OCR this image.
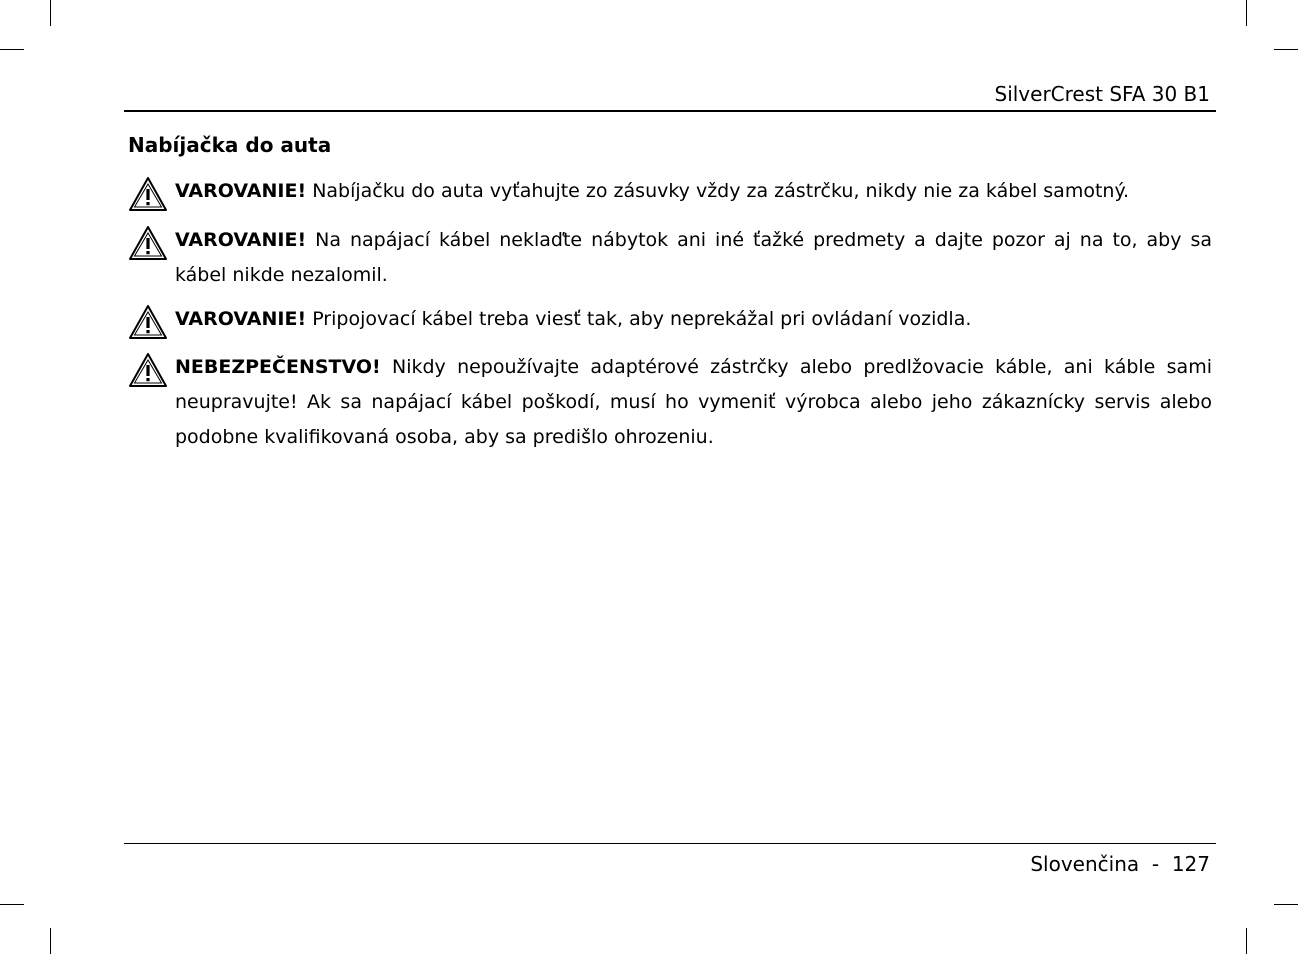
SilverCrest SFA 30 B1
Nabíjačka do auta
VAROVANIE! Nabíjačku do auta vyťahujte zo zásuvky vždy za zástrčku, nikdy nie za kábel samotný.
VAROVANIE! Na napájací kábel neklaďte nábytok ani iné ťažké predmety a dajte pozor aj na to, aby sa kábel nikde nezalomil.
VAROVANIE! Pripojovací kábel treba viesť tak, aby neprekážal pri ovládaní vozidla.
NEBEZPEČENSTVO! Nikdy nepoužívajte adaptérové zástrčky alebo predlžovacie káble, ani káble sami neupravujte! Ak sa napájací kábel poškodí, musí ho vymeniť výrobca alebo jeho zákaznícky servis alebo podobne kvalifikovaná osoba, aby sa predišlo ohrozeniu.
Slovenčina - 127
